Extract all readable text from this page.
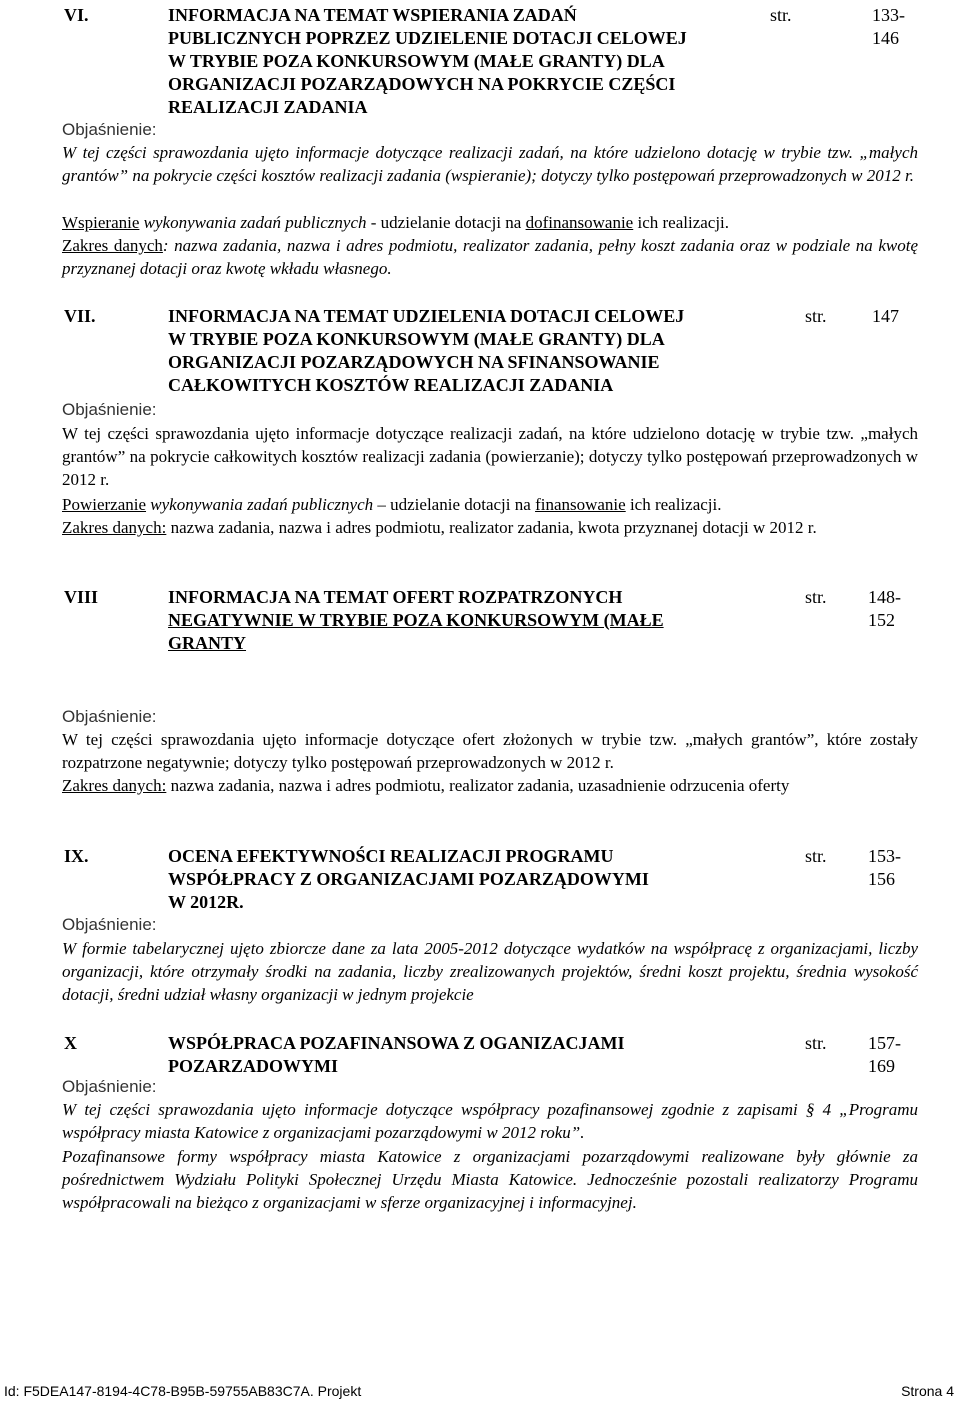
VI.	INFORMACJA NA TEMAT WSPIERANIA ZADAŃ
PUBLICZNYCH POPRZEZ UDZIELENIE DOTACJI CELOWEJ
W TRYBIE POZA KONKURSOWYM (MAŁE GRANTY) DLA
ORGANIZACJI POZARZĄDOWYCH NA POKRYCIE CZĘŚCI
REALIZACJI ZADANIA
str.	133-
146
Objaśnienie:
W tej części sprawozdania ujęto informacje dotyczące realizacji zadań, na które udzielono dotację w trybie tzw. „małych grantów” na pokrycie części kosztów realizacji zadania (wspieranie); dotyczy tylko postępowań przeprowadzonych w 2012 r.
Wspieranie wykonywania zadań publicznych - udzielanie dotacji na dofinansowanie ich realizacji.
Zakres danych: nazwa zadania, nazwa i adres podmiotu, realizator zadania, pełny koszt zadania oraz w podziale na kwotę przyznanej dotacji oraz kwotę wkładu własnego.
VII.	INFORMACJA NA TEMAT UDZIELENIA DOTACJI CELOWEJ
W TRYBIE POZA KONKURSOWYM (MAŁE GRANTY) DLA
ORGANIZACJI POZARZĄDOWYCH NA SFINANSOWANIE
CAŁKOWITYCH KOSZTÓW REALIZACJI ZADANIA
str.	147
Objaśnienie:
W tej części sprawozdania ujęto informacje dotyczące realizacji zadań, na które udzielono dotację w trybie tzw. „małych grantów” na pokrycie całkowitych kosztów realizacji zadania (powierzanie); dotyczy tylko postępowań przeprowadzonych w 2012 r.
Powierzanie wykonywania zadań publicznych – udzielanie dotacji na finansowanie ich realizacji.
Zakres danych: nazwa zadania, nazwa i adres podmiotu, realizator zadania, kwota przyznanej dotacji w 2012 r.
VIII	INFORMACJA NA TEMAT OFERT ROZPATRZONYCH
NEGATYWNIE W TRYBIE POZA KONKURSOWYM (MAŁE
GRANTY
str. 148-
152
Objaśnienie:
W tej części sprawozdania ujęto informacje dotyczące ofert złożonych w trybie tzw. „małych grantów”, które zostały rozpatrzone negatywnie; dotyczy tylko postępowań przeprowadzonych w 2012 r.
Zakres danych: nazwa zadania, nazwa i adres podmiotu, realizator zadania, uzasadnienie odrzucenia oferty
IX.	OCENA EFEKTYWNOŚCI REALIZACJI PROGRAMU
WSPÓŁPRACY Z ORGANIZACJAMI POZARZĄDOWYMI
W 2012R.
str. 153-
156
Objaśnienie:
W formie tabelarycznej ujęto zbiorcze dane za lata 2005-2012 dotyczące wydatków na współpracę z organizacjami, liczby organizacji, które otrzymały środki na zadania, liczby zrealizowanych projektów, średni koszt projektu, średnia wysokość dotacji, średni udział własny organizacji w jednym projekcie
X	WSPÓŁPRACA POZAFINANSOWA Z OGANIZACJAMI
POZARZADOWYMI
str. 157-
169
Objaśnienie:
W tej części sprawozdania ujęto informacje dotyczące współpracy pozafinansowej zgodnie z zapisami § 4 „Programu współpracy miasta Katowice z organizacjami pozarządowymi w 2012 roku”.
Pozafinansowe formy współpracy miasta Katowice z organizacjami pozarządowymi realizowane były głównie za pośrednictwem Wydziału Polityki Społecznej Urzędu Miasta Katowice. Jednocześnie pozostali realizatorzy Programu współpracowali na bieżąco z organizacjami w sferze organizacyjnej i informacyjnej.
Id: F5DEA147-8194-4C78-B95B-59755AB83C7A. Projekt	Strona 4
